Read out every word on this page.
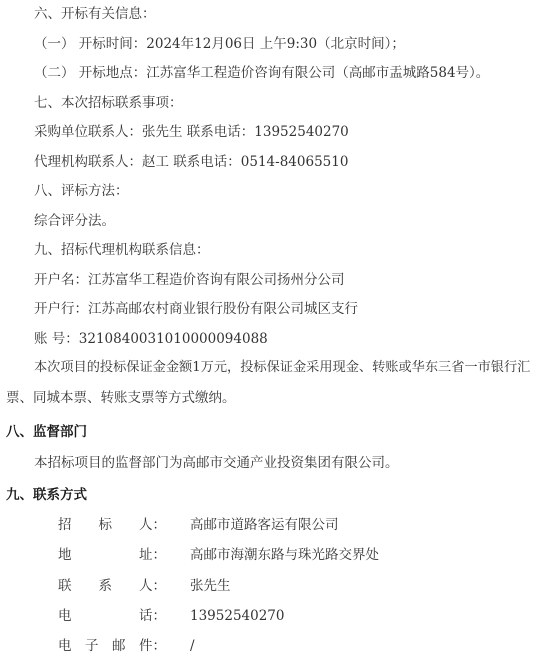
六、开标有关信息：
（一） 开标时间：2024年12月06日 上午9:30（北京时间）；
（二） 开标地点：江苏富华工程造价咨询有限公司（高邮市盂城路584号）。
七、本次招标联系事项：
采购单位联系人：张先生 联系电话：13952540270
代理机构联系人：赵工 联系电话：0514-84065510
八、评标方法：
综合评分法。
九、招标代理机构联系信息：
开户名：江苏富华工程造价咨询有限公司扬州分公司
开户行：江苏高邮农村商业银行股份有限公司城区支行
账 号：3210840031010000094088
本次项目的投标保证金金额1万元，投标保证金采用现金、转账或华东三省一市银行汇
票、同城本票、转账支票等方式缴纳。
八、监督部门
本招标项目的监督部门为高邮市交通产业投资集团有限公司。
九、联系方式
招　　标　　人： 高邮市道路客运有限公司
地　　　　　址： 高邮市海潮东路与珠光路交界处
联　　系　　人： 张先生
电　　　　　话： 13952540270
电　子　邮　件： /
